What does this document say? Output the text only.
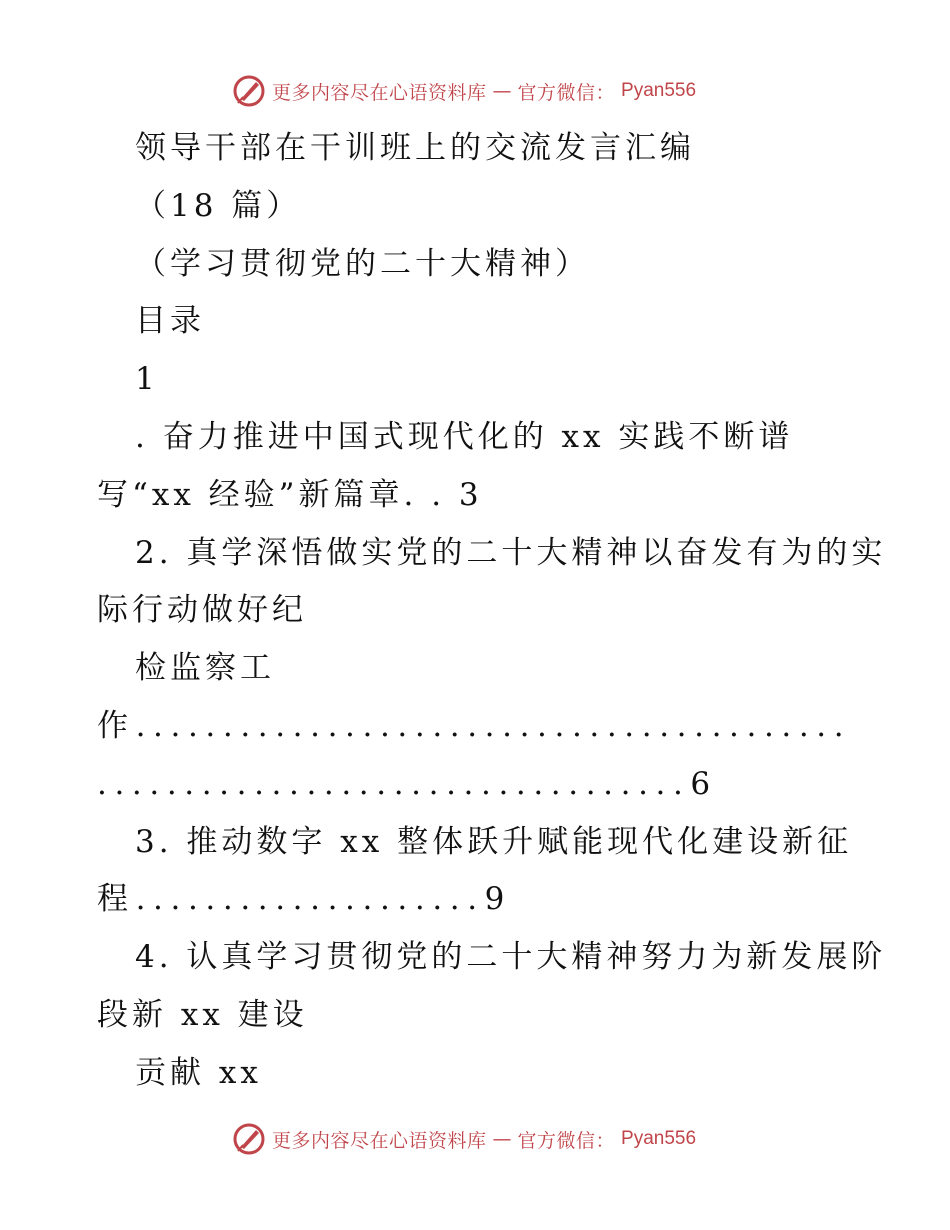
更多内容尽在心语资料库 — 官方微信： Pyan556
领导干部在干训班上的交流发言汇编
（18 篇）
（学习贯彻党的二十大精神）
目录
1
. 奋力推进中国式现代化的 xx 实践不断谱
写“xx 经验”新篇章. . 3
2. 真学深悟做实党的二十大精神以奋发有为的实
际行动做好纪
检监察工
作.........................................
..................................6
3. 推动数字 xx 整体跃升赋能现代化建设新征
程....................9
4. 认真学习贯彻党的二十大精神努力为新发展阶
段新 xx 建设
贡献 xx
更多内容尽在心语资料库 — 官方微信： Pyan556
